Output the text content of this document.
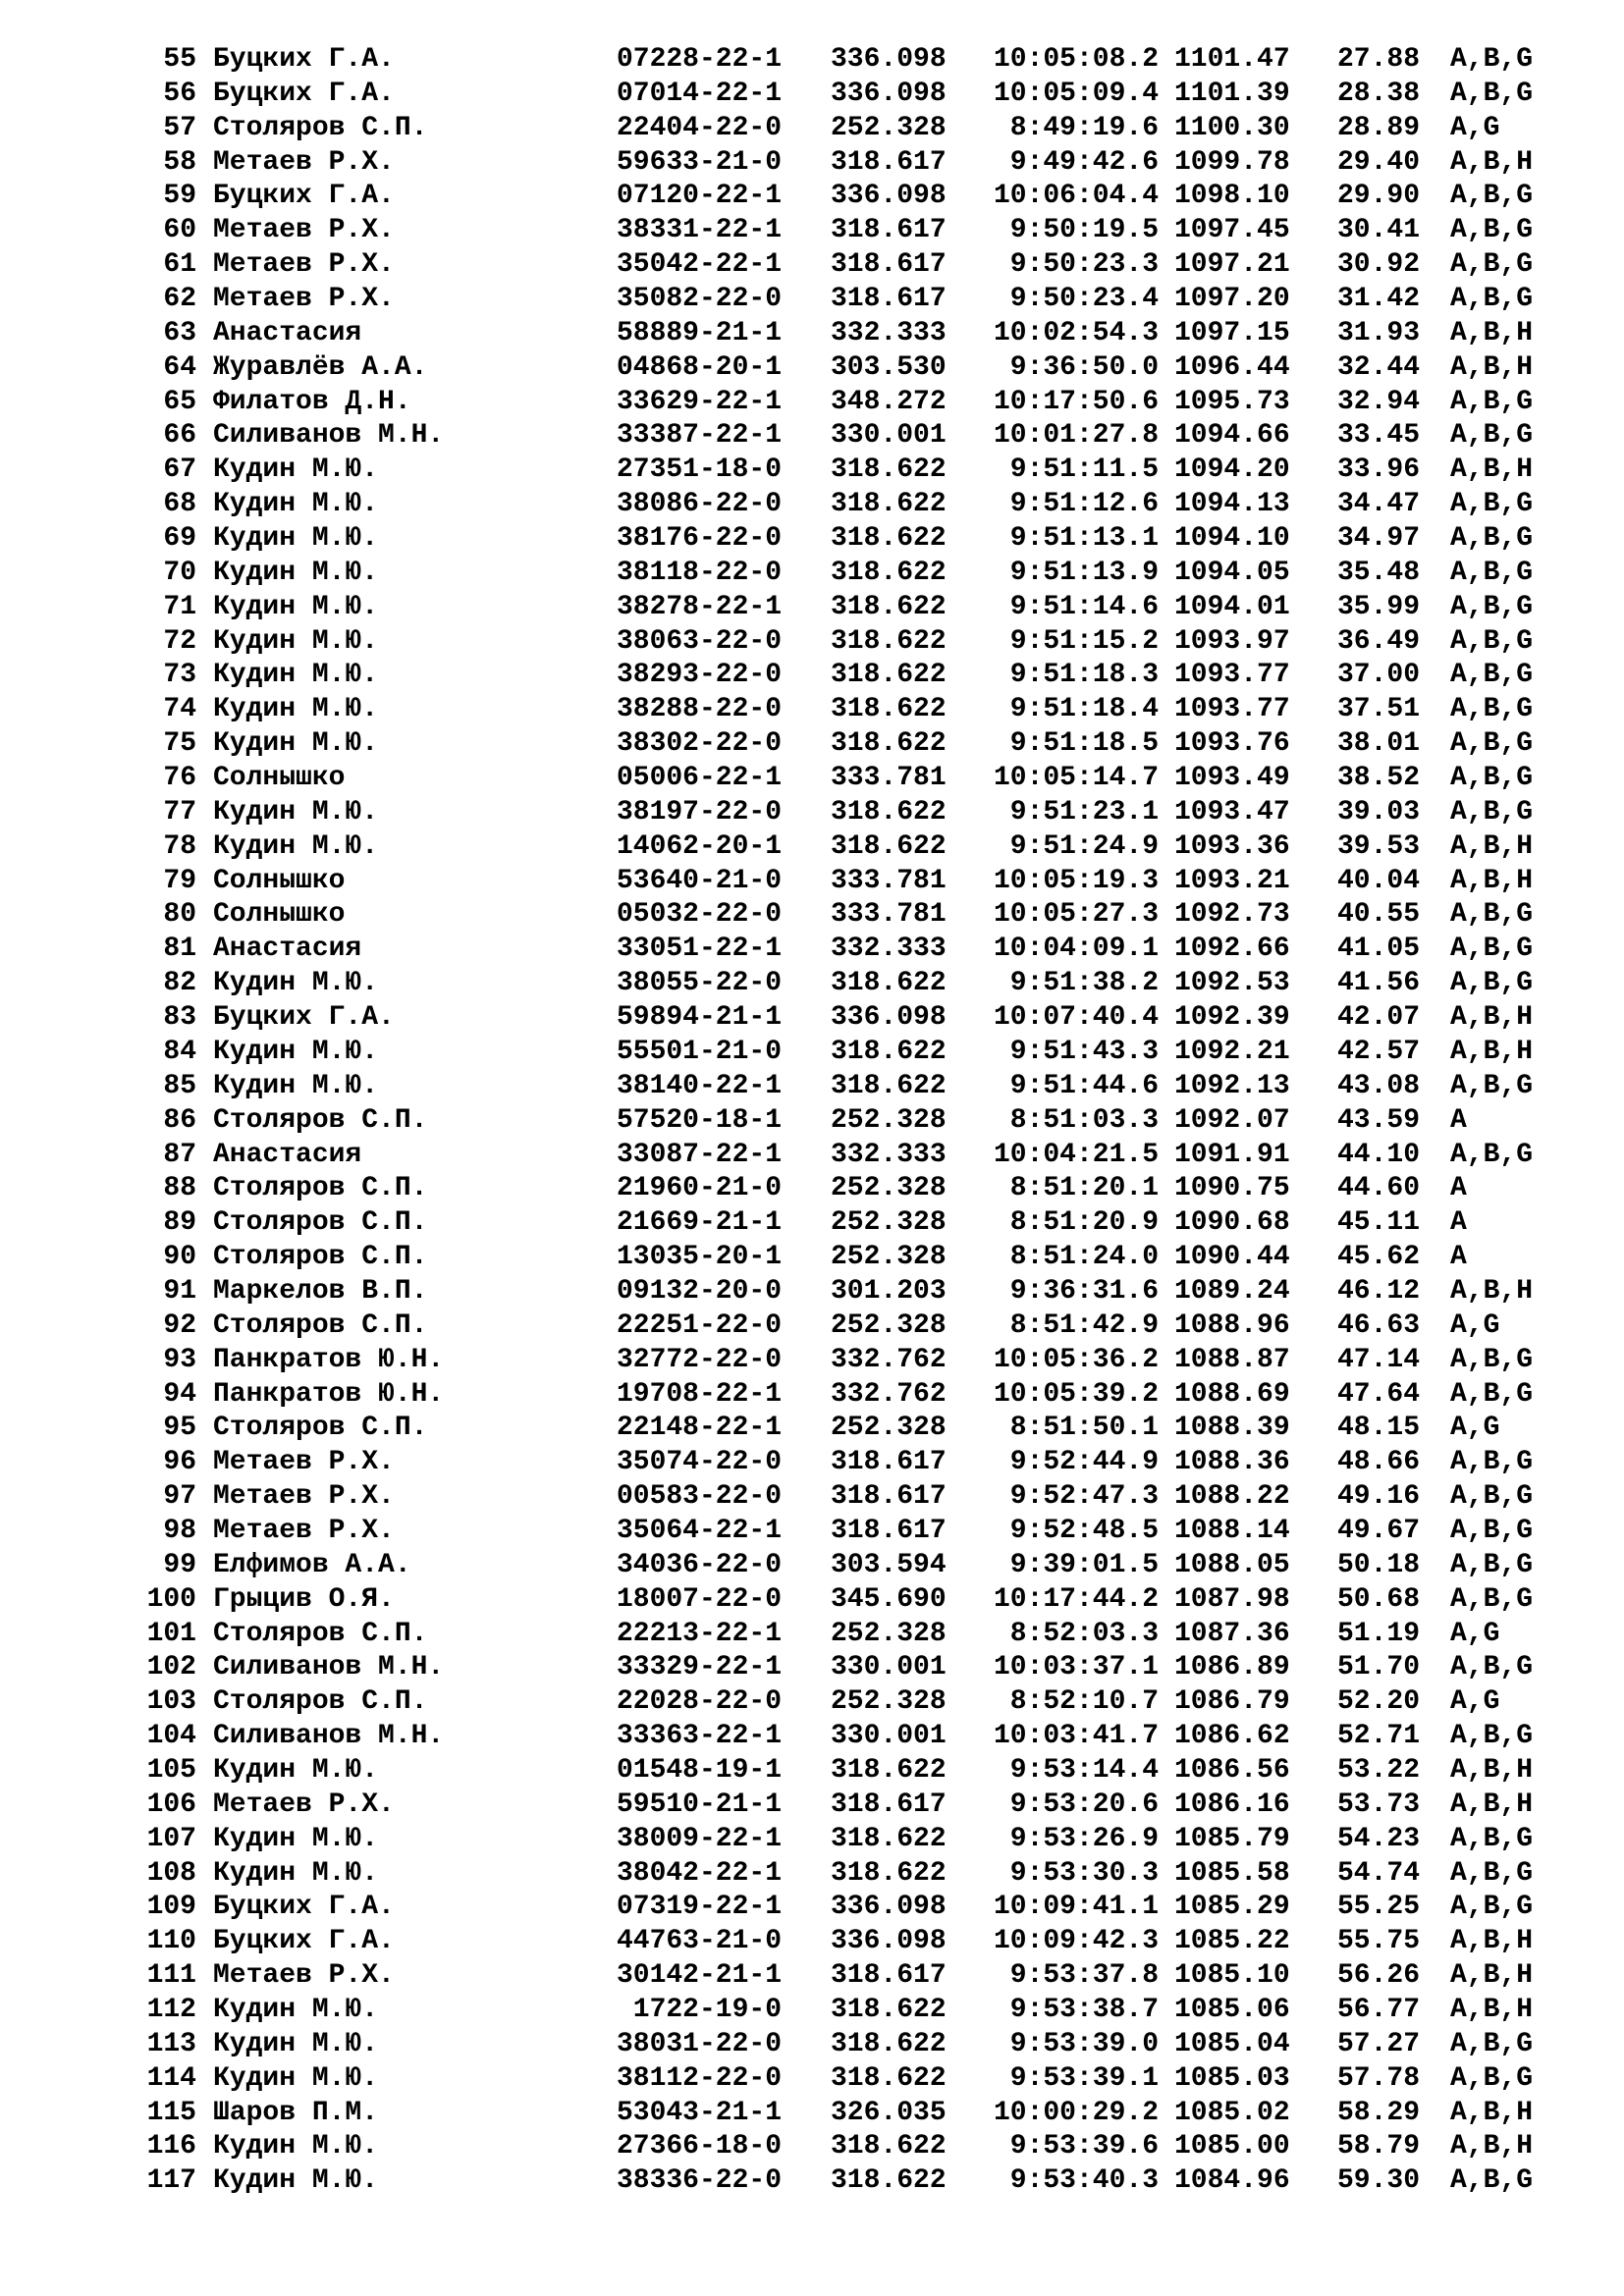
55 Буцких Г.А.	07228-22-1 336.098	10:05:08.2 1101.47 27.88 A,B,G
56 Буцких Г.А.	07014-22-1 336.098	10:05:09.4 1101.39 28.38 A,B,G
57 Столяров С.П.	22404-22-0 252.328	8:49:19.6 1100.30 28.89 A,G
58 Метаев Р.Х.	59633-21-0 318.617	9:49:42.6 1099.78 29.40 A,B,H
59 Буцких Г.А.	07120-22-1 336.098	10:06:04.4 1098.10 29.90 A,B,G
60 Метаев Р.Х.	38331-22-1 318.617	9:50:19.5 1097.45 30.41 A,B,G
61 Метаев Р.Х.	35042-22-1 318.617	9:50:23.3 1097.21 30.92 A,B,G
62 Метаев Р.Х.	35082-22-0 318.617	9:50:23.4 1097.20 31.42 A,B,G
63 Анастасия	58889-21-1 332.333	10:02:54.3 1097.15 31.93 A,B,H
64 Журавлёв А.А.	04868-20-1 303.530	9:36:50.0 1096.44 32.44 A,B,H
65 Филатов Д.Н.	33629-22-1 348.272	10:17:50.6 1095.73 32.94 A,B,G
66 Силиванов М.Н.	33387-22-1 330.001	10:01:27.8 1094.66 33.45 A,B,G
67 Кудин М.Ю.	27351-18-0 318.622	9:51:11.5 1094.20 33.96 A,B,H
68 Кудин М.Ю.	38086-22-0 318.622	9:51:12.6 1094.13 34.47 A,B,G
69 Кудин М.Ю.	38176-22-0 318.622	9:51:13.1 1094.10 34.97 A,B,G
70 Кудин М.Ю.	38118-22-0 318.622	9:51:13.9 1094.05 35.48 A,B,G
71 Кудин М.Ю.	38278-22-1 318.622	9:51:14.6 1094.01 35.99 A,B,G
72 Кудин М.Ю.	38063-22-0 318.622	9:51:15.2 1093.97 36.49 A,B,G
73 Кудин М.Ю.	38293-22-0 318.622	9:51:18.3 1093.77 37.00 A,B,G
74 Кудин М.Ю.	38288-22-0 318.622	9:51:18.4 1093.77 37.51 A,B,G
75 Кудин М.Ю.	38302-22-0 318.622	9:51:18.5 1093.76 38.01 A,B,G
76 Солнышко	05006-22-1 333.781	10:05:14.7 1093.49 38.52 A,B,G
77 Кудин М.Ю.	38197-22-0 318.622	9:51:23.1 1093.47 39.03 A,B,G
78 Кудин М.Ю.	14062-20-1 318.622	9:51:24.9 1093.36 39.53 A,B,H
79 Солнышко	53640-21-0 333.781	10:05:19.3 1093.21 40.04 A,B,H
80 Солнышко	05032-22-0 333.781	10:05:27.3 1092.73 40.55 A,B,G
81 Анастасия	33051-22-1 332.333	10:04:09.1 1092.66 41.05 A,B,G
82 Кудин М.Ю.	38055-22-0 318.622	9:51:38.2 1092.53 41.56 A,B,G
83 Буцких Г.А.	59894-21-1 336.098	10:07:40.4 1092.39 42.07 A,B,H
84 Кудин М.Ю.	55501-21-0 318.622	9:51:43.3 1092.21 42.57 A,B,H
85 Кудин М.Ю.	38140-22-1 318.622	9:51:44.6 1092.13 43.08 A,B,G
86 Столяров С.П.	57520-18-1 252.328	8:51:03.3 1092.07 43.59 A
87 Анастасия	33087-22-1 332.333	10:04:21.5 1091.91 44.10 A,B,G
88 Столяров С.П.	21960-21-0 252.328	8:51:20.1 1090.75 44.60 A
89 Столяров С.П.	21669-21-1 252.328	8:51:20.9 1090.68 45.11 A
90 Столяров С.П.	13035-20-1 252.328	8:51:24.0 1090.44 45.62 A
91 Маркелов В.П.	09132-20-0 301.203	9:36:31.6 1089.24 46.12 A,B,H
92 Столяров С.П.	22251-22-0 252.328	8:51:42.9 1088.96 46.63 A,G
93 Панкратов Ю.Н.	32772-22-0 332.762	10:05:36.2 1088.87 47.14 A,B,G
94 Панкратов Ю.Н.	19708-22-1 332.762	10:05:39.2 1088.69 47.64 A,B,G
95 Столяров С.П.	22148-22-1 252.328	8:51:50.1 1088.39 48.15 A,G
96 Метаев Р.Х.	35074-22-0 318.617	9:52:44.9 1088.36 48.66 A,B,G
97 Метаев Р.Х.	00583-22-0 318.617	9:52:47.3 1088.22 49.16 A,B,G
98 Метаев Р.Х.	35064-22-1 318.617	9:52:48.5 1088.14 49.67 A,B,G
99 Елфимов А.А.	34036-22-0 303.594	9:39:01.5 1088.05 50.18 A,B,G
100 Грыцив О.Я.	18007-22-0 345.690	10:17:44.2 1087.98 50.68 A,B,G
101 Столяров С.П.	22213-22-1 252.328	8:52:03.3 1087.36 51.19 A,G
102 Силиванов М.Н.	33329-22-1 330.001	10:03:37.1 1086.89 51.70 A,B,G
103 Столяров С.П.	22028-22-0 252.328	8:52:10.7 1086.79 52.20 A,G
104 Силиванов М.Н.	33363-22-1 330.001	10:03:41.7 1086.62 52.71 A,B,G
105 Кудин М.Ю.	01548-19-1 318.622	9:53:14.4 1086.56 53.22 A,B,H
106 Метаев Р.Х.	59510-21-1 318.617	9:53:20.6 1086.16 53.73 A,B,H
107 Кудин М.Ю.	38009-22-1 318.622	9:53:26.9 1085.79 54.23 A,B,G
108 Кудин М.Ю.	38042-22-1 318.622	9:53:30.3 1085.58 54.74 A,B,G
109 Буцких Г.А.	07319-22-1 336.098	10:09:41.1 1085.29 55.25 A,B,G
110 Буцких Г.А.	44763-21-0 336.098	10:09:42.3 1085.22 55.75 A,B,H
111 Метаев Р.Х.	30142-21-1 318.617	9:53:37.8 1085.10 56.26 A,B,H
112 Кудин М.Ю.	1722-19-0 318.622	9:53:38.7 1085.06 56.77 A,B,H
113 Кудин М.Ю.	38031-22-0 318.622	9:53:39.0 1085.04 57.27 A,B,G
114 Кудин М.Ю.	38112-22-0 318.622	9:53:39.1 1085.03 57.78 A,B,G
115 Шаров П.М.	53043-21-1 326.035	10:00:29.2 1085.02 58.29 A,B,H
116 Кудин М.Ю.	27366-18-0 318.622	9:53:39.6 1085.00 58.79 A,B,H
117 Кудин М.Ю.	38336-22-0 318.622	9:53:40.3 1084.96 59.30 A,B,G
